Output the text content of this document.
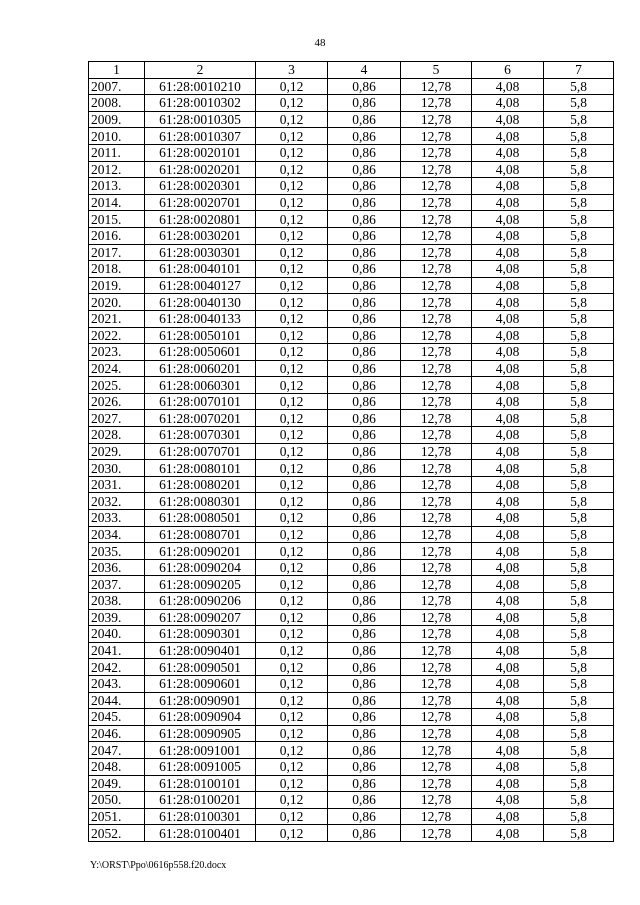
48
1	2	3	4	5	6	7
2007.	61:28:0010210	0,12	0,86	12,78	4,08	5,8
2008.	61:28:0010302	0,12	0,86	12,78	4,08	5,8
2009.	61:28:0010305	0,12	0,86	12,78	4,08	5,8
2010.	61:28:0010307	0,12	0,86	12,78	4,08	5,8
2011.	61:28:0020101	0,12	0,86	12,78	4,08	5,8
2012.	61:28:0020201	0,12	0,86	12,78	4,08	5,8
2013.	61:28:0020301	0,12	0,86	12,78	4,08	5,8
2014.	61:28:0020701	0,12	0,86	12,78	4,08	5,8
2015.	61:28:0020801	0,12	0,86	12,78	4,08	5,8
2016.	61:28:0030201	0,12	0,86	12,78	4,08	5,8
2017.	61:28:0030301	0,12	0,86	12,78	4,08	5,8
2018.	61:28:0040101	0,12	0,86	12,78	4,08	5,8
2019.	61:28:0040127	0,12	0,86	12,78	4,08	5,8
2020.	61:28:0040130	0,12	0,86	12,78	4,08	5,8
2021.	61:28:0040133	0,12	0,86	12,78	4,08	5,8
2022.	61:28:0050101	0,12	0,86	12,78	4,08	5,8
2023.	61:28:0050601	0,12	0,86	12,78	4,08	5,8
2024.	61:28:0060201	0,12	0,86	12,78	4,08	5,8
2025.	61:28:0060301	0,12	0,86	12,78	4,08	5,8
2026.	61:28:0070101	0,12	0,86	12,78	4,08	5,8
2027.	61:28:0070201	0,12	0,86	12,78	4,08	5,8
2028.	61:28:0070301	0,12	0,86	12,78	4,08	5,8
2029.	61:28:0070701	0,12	0,86	12,78	4,08	5,8
2030.	61:28:0080101	0,12	0,86	12,78	4,08	5,8
2031.	61:28:0080201	0,12	0,86	12,78	4,08	5,8
2032.	61:28:0080301	0,12	0,86	12,78	4,08	5,8
2033.	61:28:0080501	0,12	0,86	12,78	4,08	5,8
2034.	61:28:0080701	0,12	0,86	12,78	4,08	5,8
2035.	61:28:0090201	0,12	0,86	12,78	4,08	5,8
2036.	61:28:0090204	0,12	0,86	12,78	4,08	5,8
2037.	61:28:0090205	0,12	0,86	12,78	4,08	5,8
2038.	61:28:0090206	0,12	0,86	12,78	4,08	5,8
2039.	61:28:0090207	0,12	0,86	12,78	4,08	5,8
2040.	61:28:0090301	0,12	0,86	12,78	4,08	5,8
2041.	61:28:0090401	0,12	0,86	12,78	4,08	5,8
2042.	61:28:0090501	0,12	0,86	12,78	4,08	5,8
2043.	61:28:0090601	0,12	0,86	12,78	4,08	5,8
2044.	61:28:0090901	0,12	0,86	12,78	4,08	5,8
2045.	61:28:0090904	0,12	0,86	12,78	4,08	5,8
2046.	61:28:0090905	0,12	0,86	12,78	4,08	5,8
2047.	61:28:0091001	0,12	0,86	12,78	4,08	5,8
2048.	61:28:0091005	0,12	0,86	12,78	4,08	5,8
2049.	61:28:0100101	0,12	0,86	12,78	4,08	5,8
2050.	61:28:0100201	0,12	0,86	12,78	4,08	5,8
2051.	61:28:0100301	0,12	0,86	12,78	4,08	5,8
2052.	61:28:0100401	0,12	0,86	12,78	4,08	5,8
Y:\ORST\Ppo\0616p558.f20.docx
